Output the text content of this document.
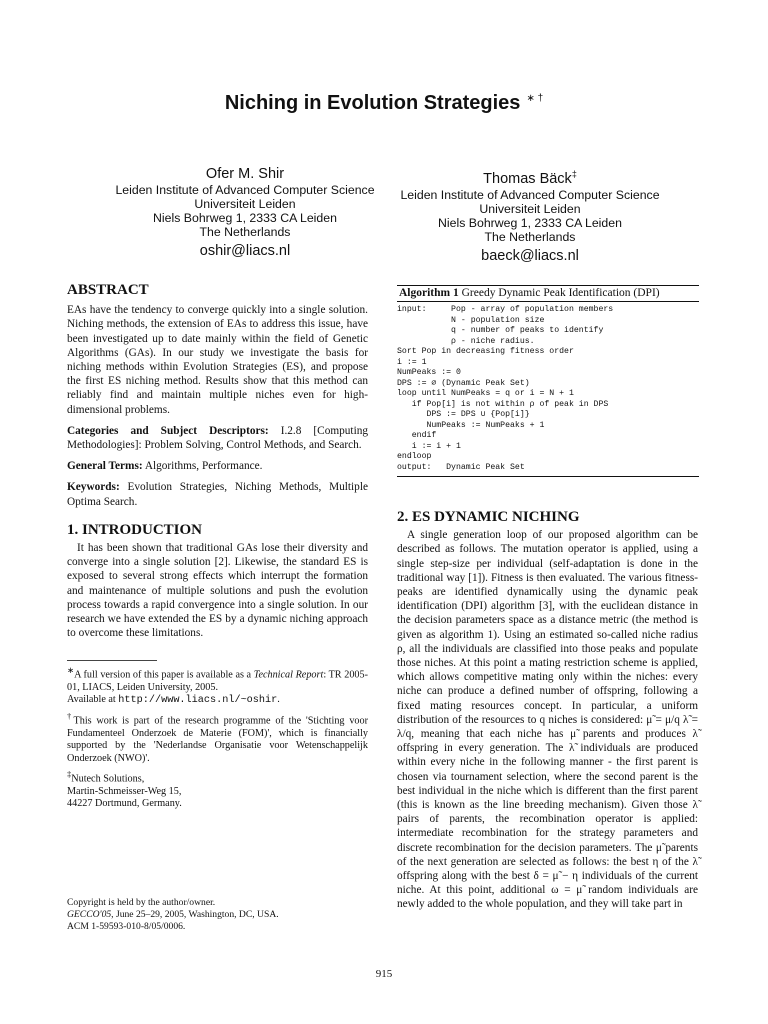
Niching in Evolution Strategies ∗ †
Ofer M. Shir
Leiden Institute of Advanced Computer Science
Universiteit Leiden
Niels Bohrweg 1, 2333 CA Leiden
The Netherlands
oshir@liacs.nl
Thomas Bäck‡
Leiden Institute of Advanced Computer Science
Universiteit Leiden
Niels Bohrweg 1, 2333 CA Leiden
The Netherlands
baeck@liacs.nl
ABSTRACT

EAs have the tendency to converge quickly into a single solution. Niching methods, the extension of EAs to address this issue, have been investigated up to date mainly within the field of Genetic Algorithms (GAs). In our study we investigate the basis for niching methods within Evolution Strategies (ES), and propose the first ES niching method. Results show that this method can reliably find and maintain multiple niches even for high-dimensional problems.

Categories and Subject Descriptors: I.2.8 [Computing Methodologies]: Problem Solving, Control Methods, and Search.

General Terms: Algorithms, Performance.

Keywords: Evolution Strategies, Niching Methods, Multiple Optima Search.

1. INTRODUCTION

It has been shown that traditional GAs lose their diversity and converge into a single solution [2]. Likewise, the standard ES is exposed to several strong effects which interrupt the formation and maintenance of multiple solutions and push the evolution process towards a rapid convergence into a single solution. In our research we have extended the ES by a dynamic niching approach to overcome these limitations.

∗A full version of this paper is available as a Technical Report: TR 2005-01, LIACS, Leiden University, 2005.

Available at http://www.liacs.nl/~oshir.

†This work is part of the research programme of the 'Stichting voor Fundamenteel Onderzoek de Materie (FOM)', which is financially supported by the 'Nederlandse Organisatie voor Wetenschappelijk Onderzoek (NWO)'.

‡Nutech Solutions,

Martin-Schmeisser-Weg 15,

44227 Dortmund, Germany.

Copyright is held by the author/owner.
GECCO'05, June 25–29, 2005, Washington, DC, USA.
ACM 1-59593-010-8/05/0006.
Algorithm 1 Greedy Dynamic Peak Identification (DPI)
input:     Pop - array of population members
N - population size
q - number of peaks to identify
ρ - niche radius.
Sort Pop in decreasing fitness order
i := 1
NumPeaks := 0
DPS := ∅ (Dynamic Peak Set)
loop until NumPeaks = q or i = N + 1
if Pop[i] is not within ρ of peak in DPS
DPS := DPS ∪ {Pop[i]}
NumPeaks := NumPeaks + 1
endif
i := i + 1
endloop
output:   Dynamic Peak Set
2. ES DYNAMIC NICHING

A single generation loop of our proposed algorithm can be described as follows. The mutation operator is applied, using a single step-size per individual (self-adaptation is done in the traditional way [1]). Fitness is then evaluated. The various fitness-peaks are identified dynamically using the dynamic peak identification (DPI) algorithm [3], with the euclidean distance in the decision parameters space as a distance metric (the method is given as algorithm 1). Using an estimated so-called niche radius ρ, all the individuals are classified into those peaks and populate those niches. At this point a mating restriction scheme is applied, which allows competitive mating only within the niches: every niche can produce a defined number of offspring, following a fixed mating resources concept. In particular, a uniform distribution of the resources to q niches is considered: μ̃ = μ/q λ̃ = λ/q, meaning that each niche has μ̃ parents and produces λ̃ offspring in every generation. The λ̃ individuals are produced within every niche in the following manner - the first parent is chosen via tournament selection, where the second parent is the best individual in the niche which is different than the first parent (this is known as the line breeding mechanism). Given those λ̃ pairs of parents, the recombination operator is applied: intermediate recombination for the strategy parameters and discrete recombination for the decision parameters. The μ̃ parents of the next generation are selected as follows: the best η of the λ̃ offspring along with the best δ = μ̃ − η individuals of the current niche. At this point, additional ω = μ̃ random individuals are newly added to the whole population, and they will take part in

915
